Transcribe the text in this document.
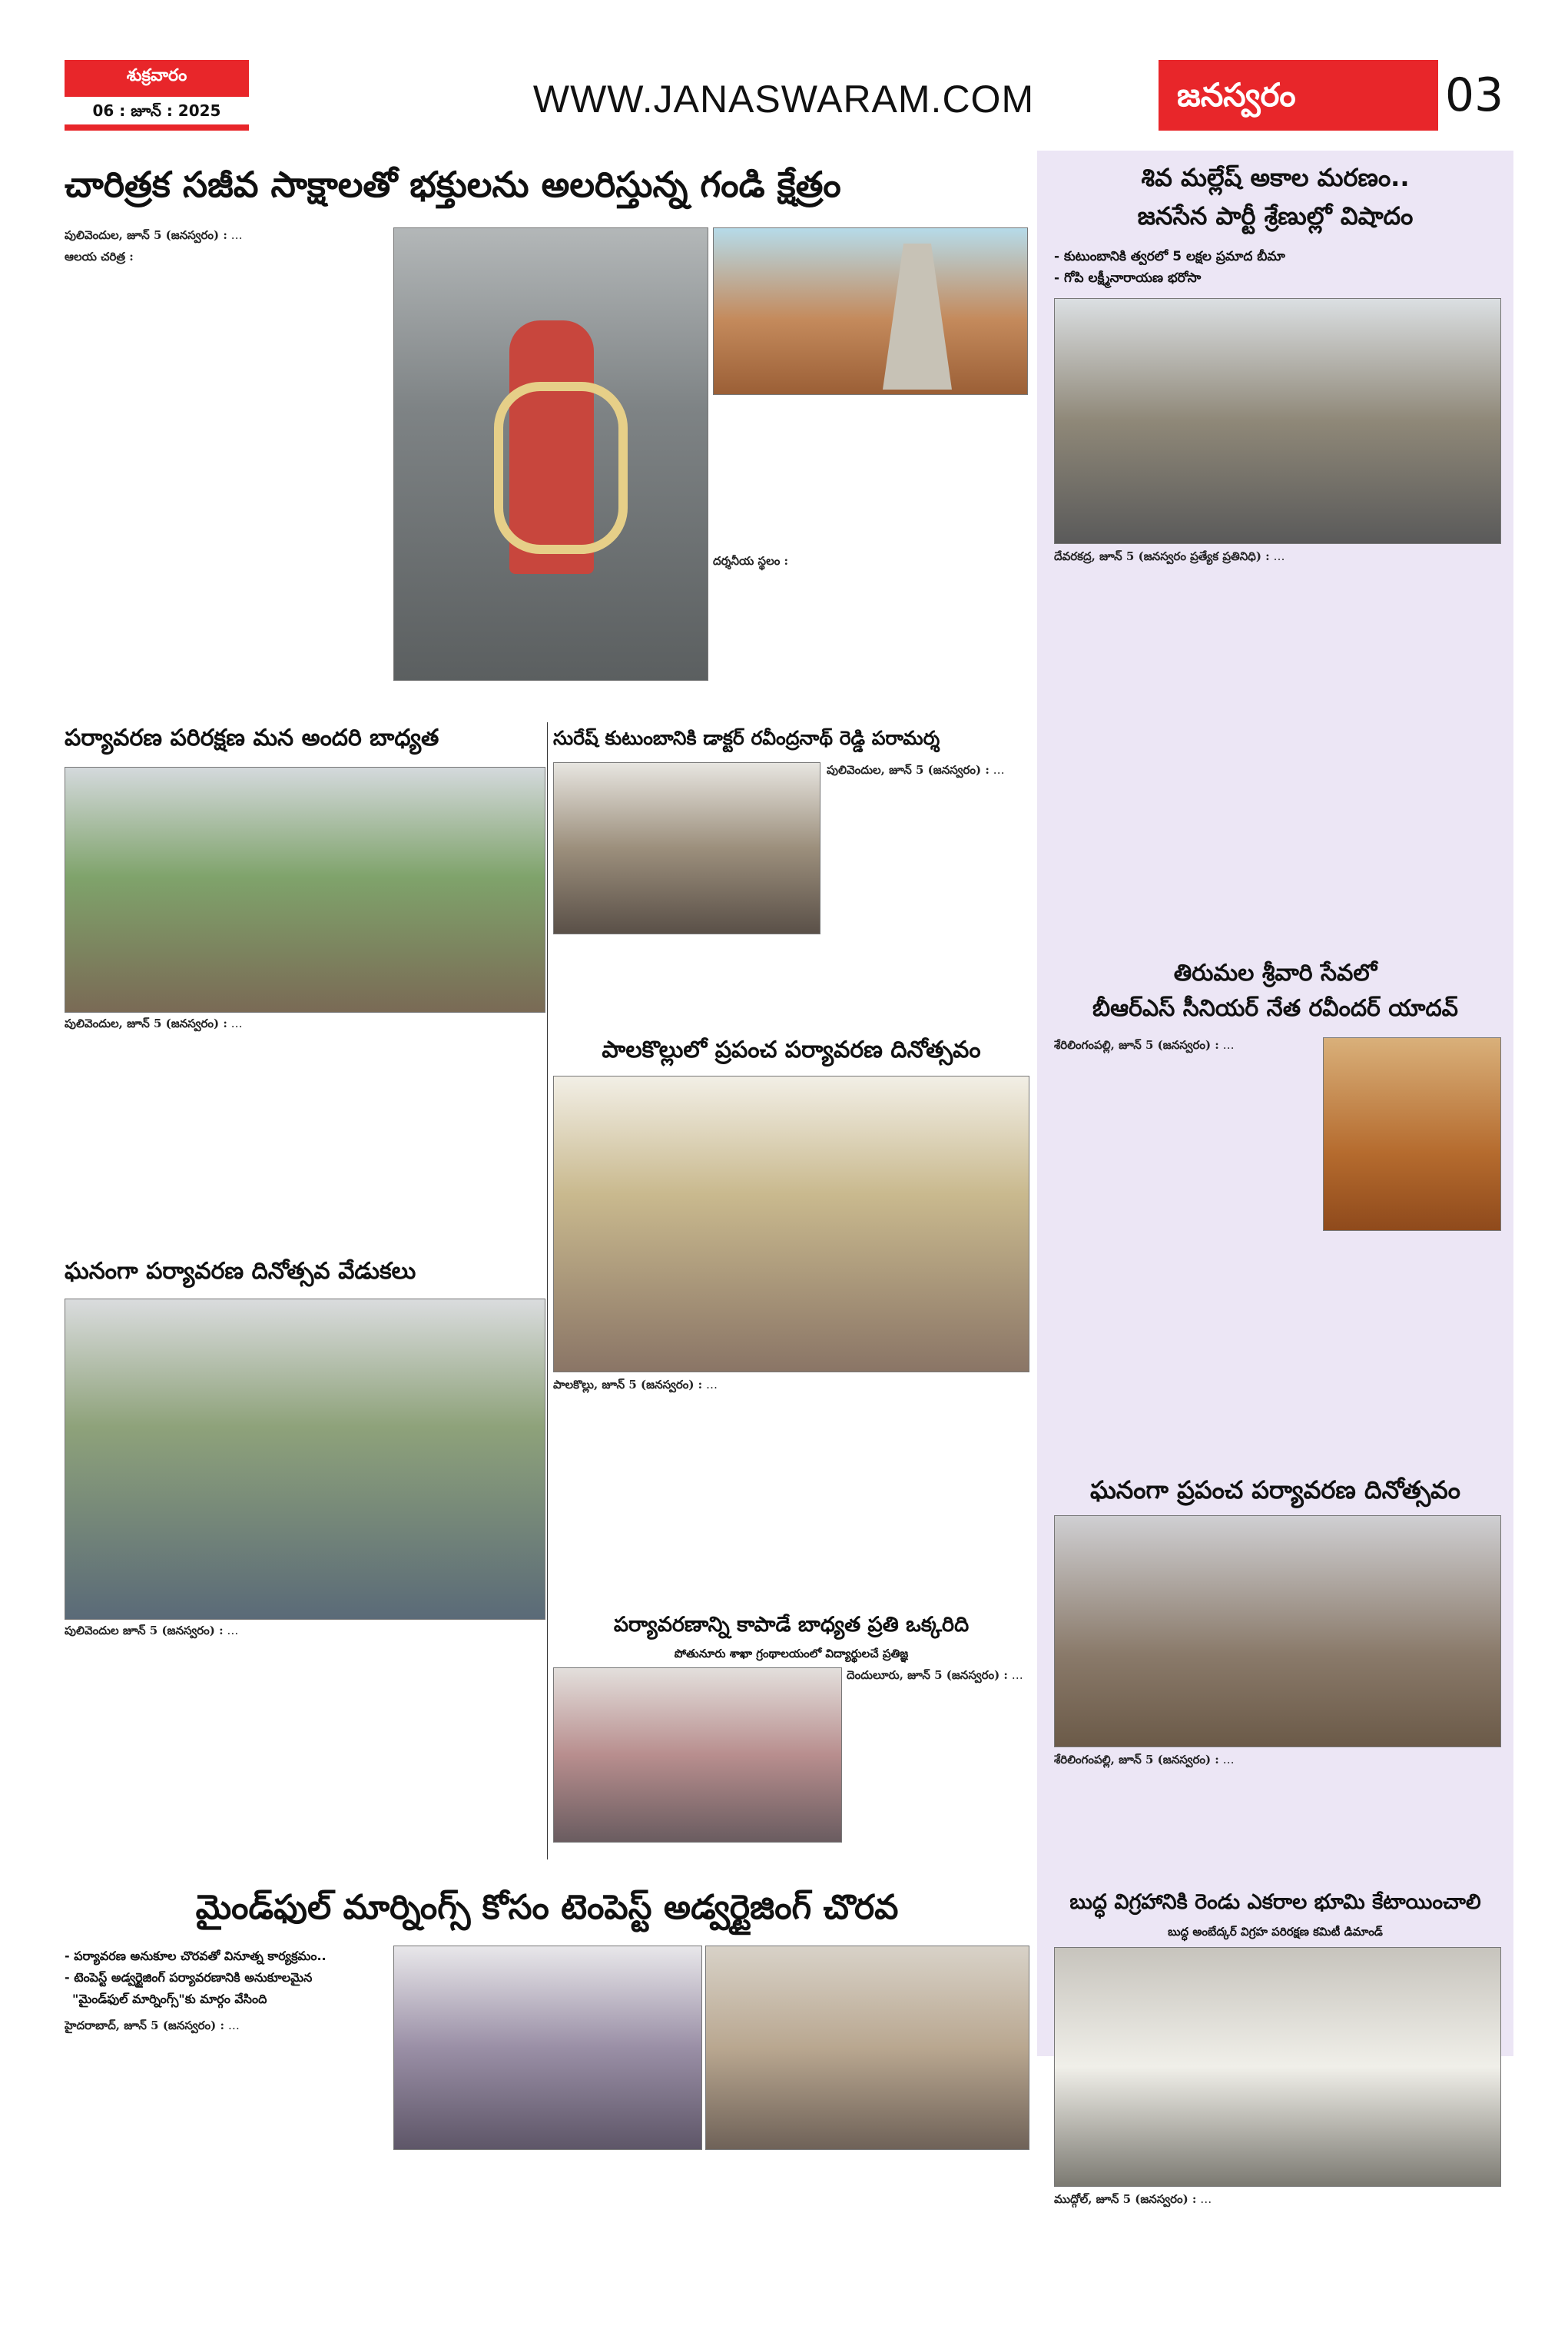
శుక్రవారం
06 : జూన్ : 2025	WWW.JANASWARAM.COM	జనస్వరం	03
చారిత్రక సజీవ సాక్షాలతో భక్తులను అలరిస్తున్న గండి క్షేత్రం
పులివెందుల, జూన్ 5 (జనస్వరం) : …
ఆలయ చరిత్ర :
దర్శనీయ స్థలం :
శివ మల్లేష్ అకాల మరణం..
జనసేన పార్టీ శ్రేణుల్లో విషాదం
- కుటుంబానికి త్వరలో 5 లక్షల ప్రమాద బీమా
- గోపి లక్ష్మీనారాయణ భరోసా
దేవరకద్ర, జూన్ 5 (జనస్వరం ప్రత్యేక ప్రతినిధి) : …
తిరుమల శ్రీవారి సేవలో
బీఆర్ఎస్ సీనియర్ నేత రవీందర్ యాదవ్
శేరిలింగంపల్లి, జూన్ 5 (జనస్వరం) : …
ఘనంగా ప్రపంచ పర్యావరణ దినోత్సవం
శేరిలింగంపల్లి, జూన్ 5 (జనస్వరం) : …
బుద్ధ విగ్రహానికి రెండు ఎకరాల భూమి కేటాయించాలి
బుద్ధ అంబేద్కర్ విగ్రహ పరిరక్షణ కమిటీ డిమాండ్
ముద్గోల్, జూన్ 5 (జనస్వరం) : …
పర్యావరణ పరిరక్షణ మన అందరి బాధ్యత
పులివెందుల, జూన్ 5 (జనస్వరం) : …
సురేష్ కుటుంబానికి డాక్టర్ రవీంద్రనాథ్ రెడ్డి పరామర్శ
పులివెందుల, జూన్ 5 (జనస్వరం) : …
పాలకొల్లులో ప్రపంచ పర్యావరణ దినోత్సవం
పాలకొల్లు, జూన్ 5 (జనస్వరం) : …
ఘనంగా పర్యావరణ దినోత్సవ వేడుకలు
పులివెందుల జూన్ 5 (జనస్వరం) : …	పర్యావరణాన్ని కాపాడే బాధ్యత ప్రతి ఒక్కరిది
పోతునూరు శాఖా గ్రంథాలయంలో విద్యార్థులచే ప్రతిజ్ఞ
దెందులూరు, జూన్ 5 (జనస్వరం) : …
మైండ్‌ఫుల్ మార్నింగ్స్ కోసం టెంపెస్ట్ అడ్వర్టైజింగ్ చొరవ
- పర్యావరణ అనుకూల చొరవతో వినూత్న కార్యక్రమం..
- టెంపెస్ట్ అడ్వర్టైజింగ్ పర్యావరణానికి అనుకూలమైన
"మైండ్‌ఫుల్ మార్నింగ్స్"కు మార్గం వేసింది
హైదరాబాద్, జూన్ 5 (జనస్వరం) : …
